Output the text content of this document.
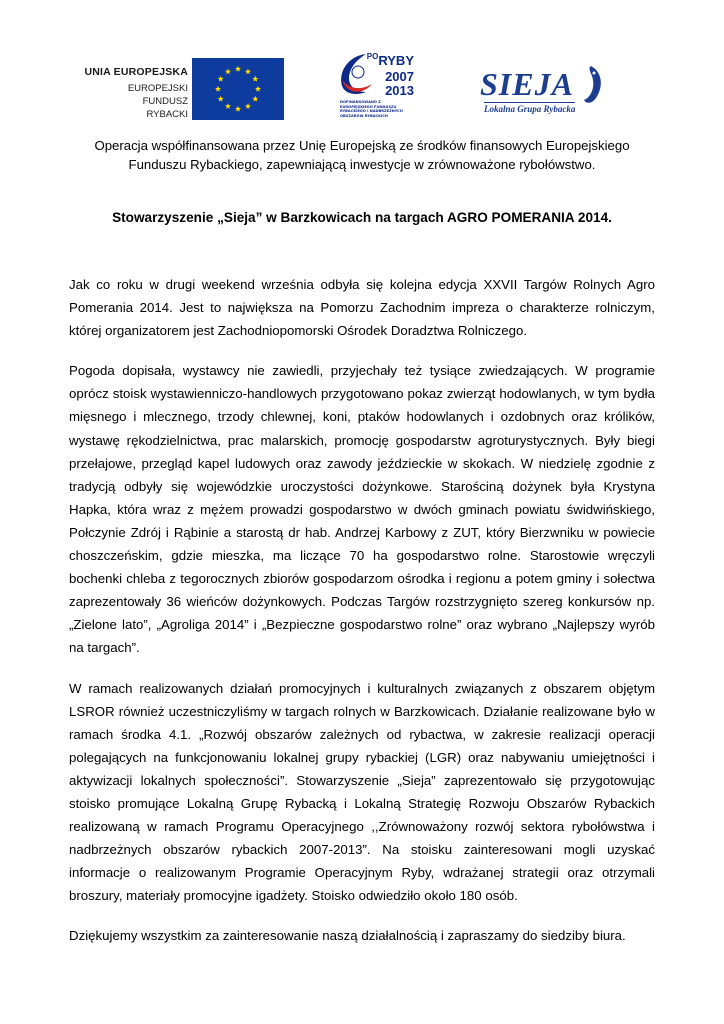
UNIA EUROPEJSKA
EUROPEJSKI FUNDUSZ
RYBACKI
$^{PO}$RYBY
2007
2013
DOFINANSOWANO Z EUROPEJSKIEGO FUNDUSZU RYBACKIEGO I NADBRZEŻNYCH OBSZARÓW RYBACKICH
SIEJA
Lokalna Grupa Rybacka
Operacja współfinansowana przez Unię Europejską ze środków finansowych Europejskiego Funduszu Rybackiego, zapewniającą inwestycje w zrównoważone rybołówstwo.
Stowarzyszenie „Sieja” w Barzkowicach na targach AGRO POMERANIA 2014.

Jak co roku w drugi weekend września odbyła się kolejna edycja XXVII Targów Rolnych Agro Pomerania 2014. Jest to największa na Pomorzu Zachodnim impreza o charakterze rolniczym, której organizatorem jest Zachodniopomorski Ośrodek Doradztwa Rolniczego.

Pogoda dopisała, wystawcy nie zawiedli, przyjechały też tysiące zwiedzających. W programie oprócz stoisk wystawienniczo-handlowych przygotowano pokaz zwierząt hodowlanych, w tym bydła mięsnego i mlecznego, trzody chlewnej, koni, ptaków hodowlanych i ozdobnych oraz królików, wystawę rękodzielnictwa, prac malarskich, promocję gospodarstw agroturystycznych. Były biegi przełajowe, przegląd kapel ludowych oraz zawody jeździeckie w skokach. W niedzielę zgodnie z tradycją odbyły się wojewódzkie uroczystości dożynkowe. Starościną dożynek była Krystyna Hapka, która wraz z mężem prowadzi gospodarstwo w dwóch gminach powiatu świdwińskiego, Połczynie Zdrój i Rąbinie a starostą dr hab. Andrzej Karbowy z ZUT, który Bierzwniku w powiecie choszczeńskim, gdzie mieszka, ma liczące 70 ha gospodarstwo rolne. Starostowie wręczyli bochenki chleba z tegorocznych zbiorów gospodarzom ośrodka i regionu a potem gminy i sołectwa zaprezentowały 36 wieńców dożynkowych. Podczas Targów rozstrzygnięto szereg konkursów np. „Zielone lato”, „Agroliga 2014” i „Bezpieczne gospodarstwo rolne” oraz wybrano „Najlepszy wyrób na targach”.

W ramach realizowanych działań promocyjnych i kulturalnych związanych z obszarem objętym LSROR również uczestniczyliśmy w targach rolnych w Barzkowicach. Działanie realizowane było w ramach środka 4.1. „Rozwój obszarów zależnych od rybactwa, w zakresie realizacji operacji polegających na funkcjonowaniu lokalnej grupy rybackiej (LGR) oraz nabywaniu umiejętności i aktywizacji lokalnych społeczności”. Stowarzyszenie „Sieja” zaprezentowało się przygotowując stoisko promujące Lokalną Grupę Rybacką i Lokalną Strategię Rozwoju Obszarów Rybackich realizowaną w ramach Programu Operacyjnego ,,Zrównoważony rozwój sektora rybołówstwa i nadbrzeżnych obszarów rybackich 2007-2013”. Na stoisku zainteresowani mogli uzyskać informacje o realizowanym Programie Operacyjnym Ryby, wdrażanej strategii oraz otrzymali broszury, materiały promocyjne igadżety. Stoisko odwiedziło około 180 osób.

Dziękujemy wszystkim za zainteresowanie naszą działalnością i zapraszamy do siedziby biura.
